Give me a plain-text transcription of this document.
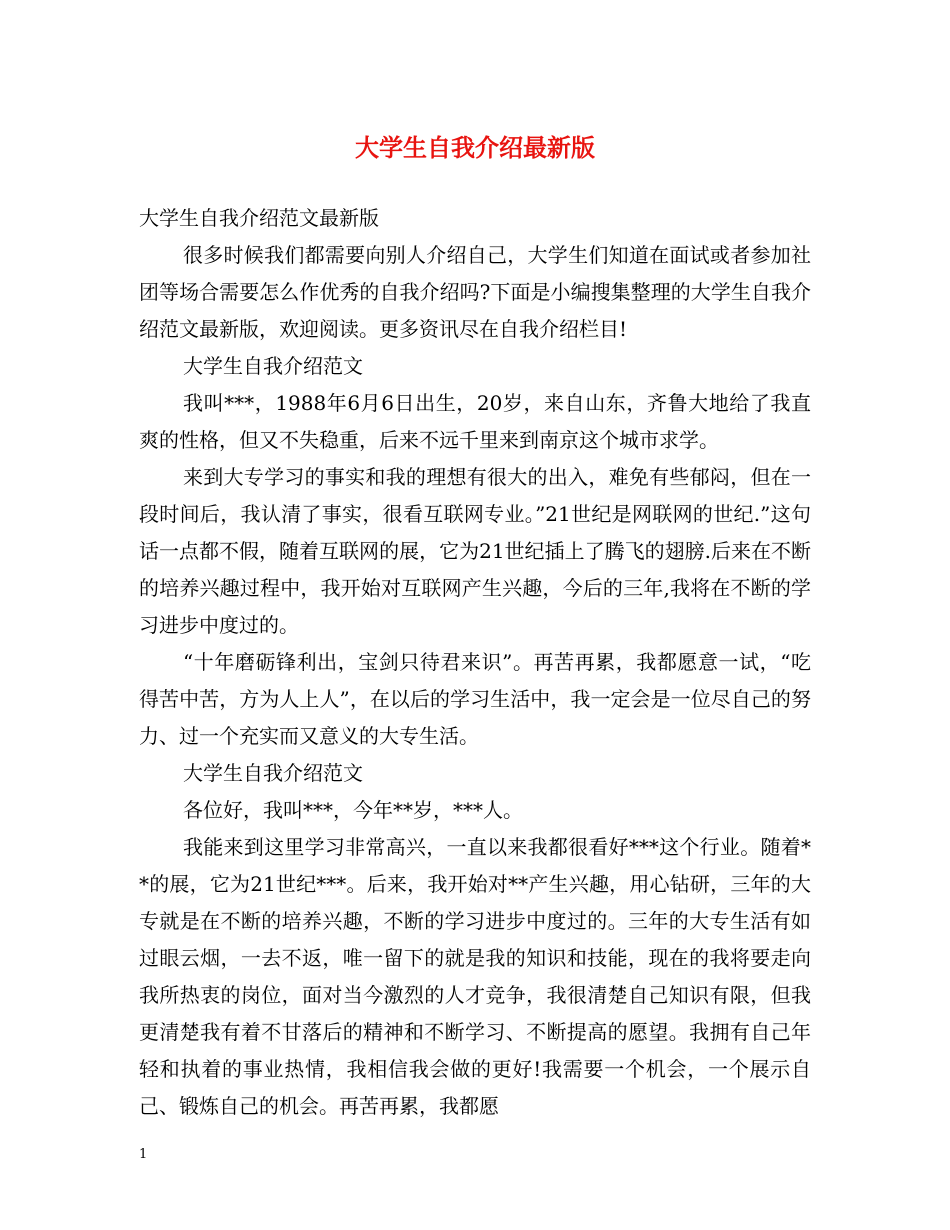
大学生自我介绍最新版

大学生自我介绍范文最新版

很多时候我们都需要向别人介绍自己，大学生们知道在面试或者参加社团等场合需要怎么作优秀的自我介绍吗?下面是小编搜集整理的大学生自我介绍范文最新版，欢迎阅读。更多资讯尽在自我介绍栏目!

大学生自我介绍范文

我叫***，1988年6月6日出生，20岁，来自山东，齐鲁大地给了我直爽的性格，但又不失稳重，后来不远千里来到南京这个城市求学。

来到大专学习的事实和我的理想有很大的出入，难免有些郁闷，但在一段时间后，我认清了事实，很看互联网专业。”21世纪是网联网的世纪.”这句话一点都不假，随着互联网的展，它为21世纪插上了腾飞的翅膀.后来在不断的培养兴趣过程中，我开始对互联网产生兴趣，今后的三年,我将在不断的学习进步中度过的。

“十年磨砺锋利出，宝剑只待君来识”。再苦再累，我都愿意一试，“吃得苦中苦，方为人上人”，在以后的学习生活中，我一定会是一位尽自己的努力、过一个充实而又意义的大专生活。

大学生自我介绍范文

各位好，我叫***，今年**岁，***人。

我能来到这里学习非常高兴，一直以来我都很看好***这个行业。随着**的展，它为21世纪***。后来，我开始对**产生兴趣，用心钻研，三年的大专就是在不断的培养兴趣，不断的学习进步中度过的。三年的大专生活有如过眼云烟，一去不返，唯一留下的就是我的知识和技能，现在的我将要走向我所热衷的岗位，面对当今激烈的人才竞争，我很清楚自己知识有限，但我更清楚我有着不甘落后的精神和不断学习、不断提高的愿望。我拥有自己年轻和执着的事业热情，我相信我会做的更好!我需要一个机会，一个展示自己、锻炼自己的机会。再苦再累，我都愿

1
